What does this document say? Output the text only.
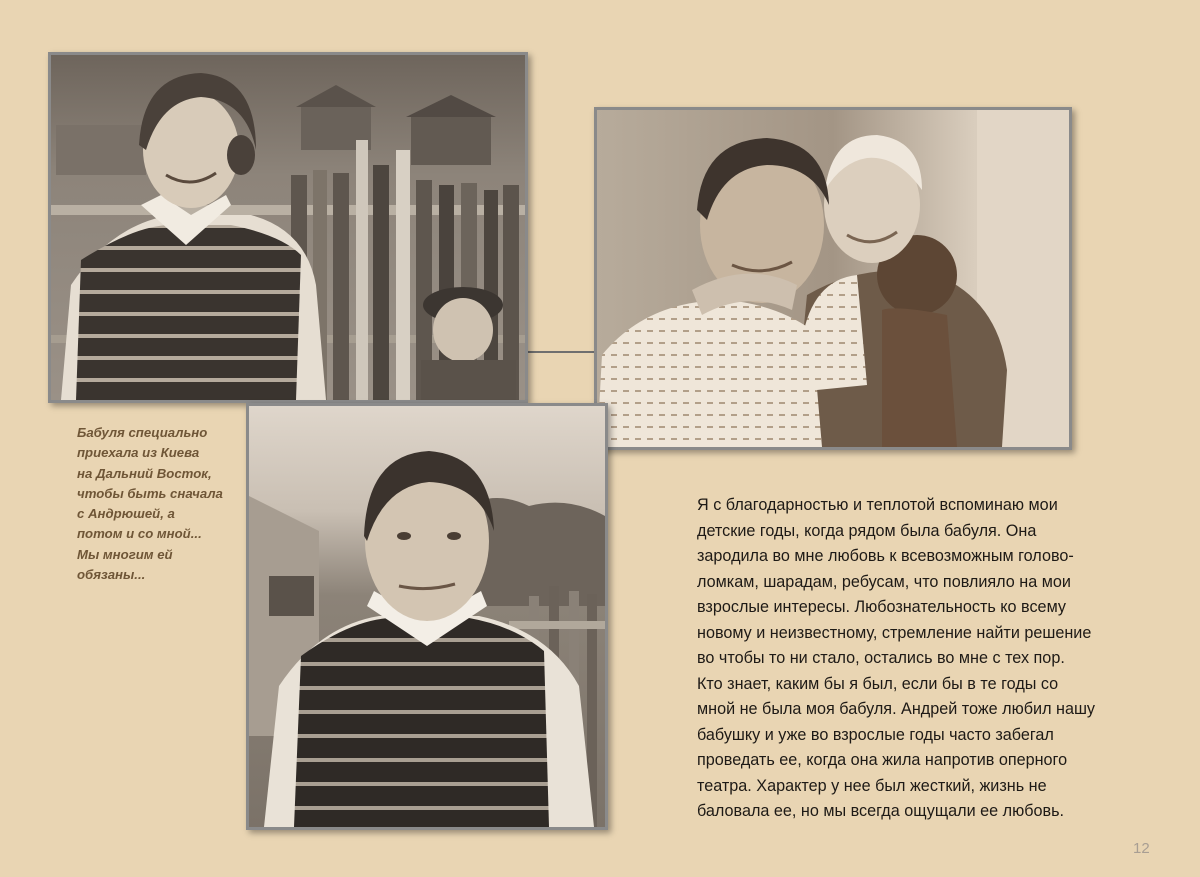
Бабуля специально
приехала из Киева
на Дальний Восток,
чтобы быть сначала
с Андрюшей, а
потом и со мной...
Мы многим ей
обязаны...
Я с благодарностью и теплотой вспоминаю мои
детские годы, когда рядом была бабуля. Она
зародила во мне любовь к всевозможным голово-
ломкам, шарадам, ребусам, что повлияло на мои
взрослые интересы. Любознательность ко всему
новому и неизвестному, стремление найти решение
во чтобы то ни стало, остались во мне с тех пор.
Кто знает, каким бы я был, если бы в те годы со
мной не была моя бабуля. Андрей тоже любил нашу
бабушку и уже во взрослые годы часто забегал
проведать ее, когда она жила напротив оперного
театра. Характер у нее был жесткий, жизнь не
баловала ее, но мы всегда ощущали ее любовь.
12
